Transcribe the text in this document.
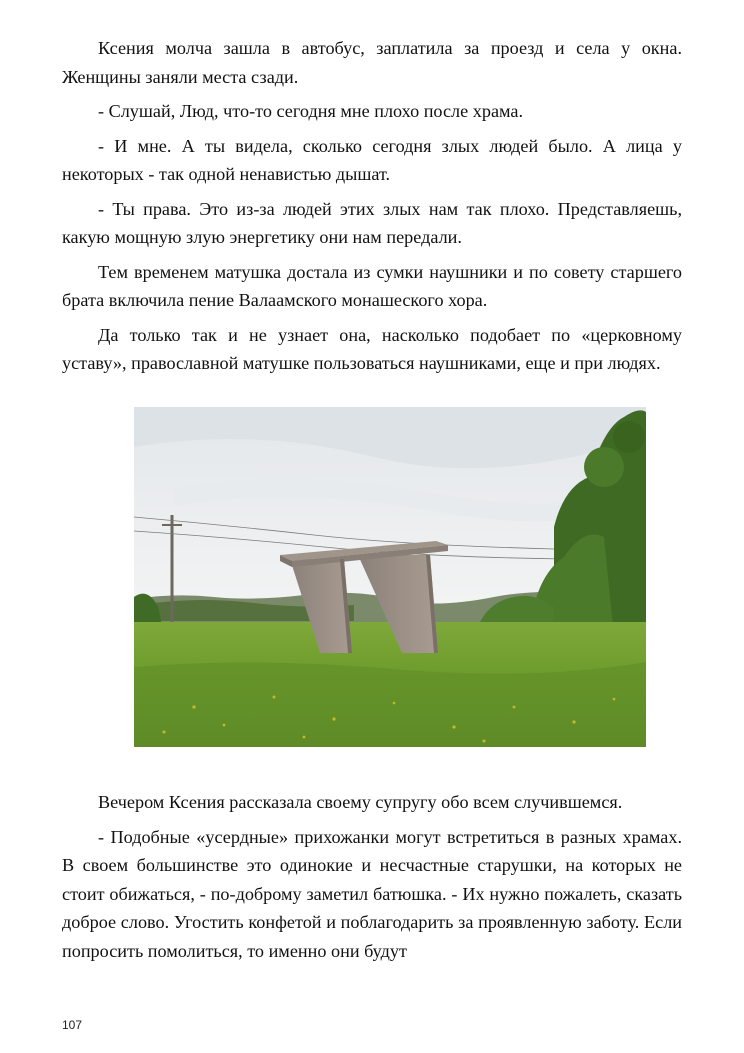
Ксения молча зашла в автобус, заплатила за проезд и села у окна. Женщины заняли места сзади.

- Слушай, Люд, что-то сегодня мне плохо после храма.

- И мне. А ты видела, сколько сегодня злых людей было. А лица у некоторых - так одной ненавистью дышат.

- Ты права. Это из-за людей этих злых нам так плохо. Представляешь, какую мощную злую энергетику они нам передали.

Тем временем матушка достала из сумки наушники и по совету старшего брата включила пение Валаамского монашеского хора.

Да только так и не узнает она, насколько подобает по «церковному уставу», православной матушке пользоваться наушниками, еще и при людях.

Вечером Ксения рассказала своему супругу обо всем случившемся.

- Подобные «усердные» прихожанки могут встретиться в разных храмах. В своем большинстве это одинокие и несчастные старушки, на которых не стоит обижаться, - по-доброму заметил батюшка. - Их нужно пожалеть, сказать доброе слово. Угостить конфетой и поблагодарить за проявленную заботу. Если попросить помолиться, то именно они будут

107
